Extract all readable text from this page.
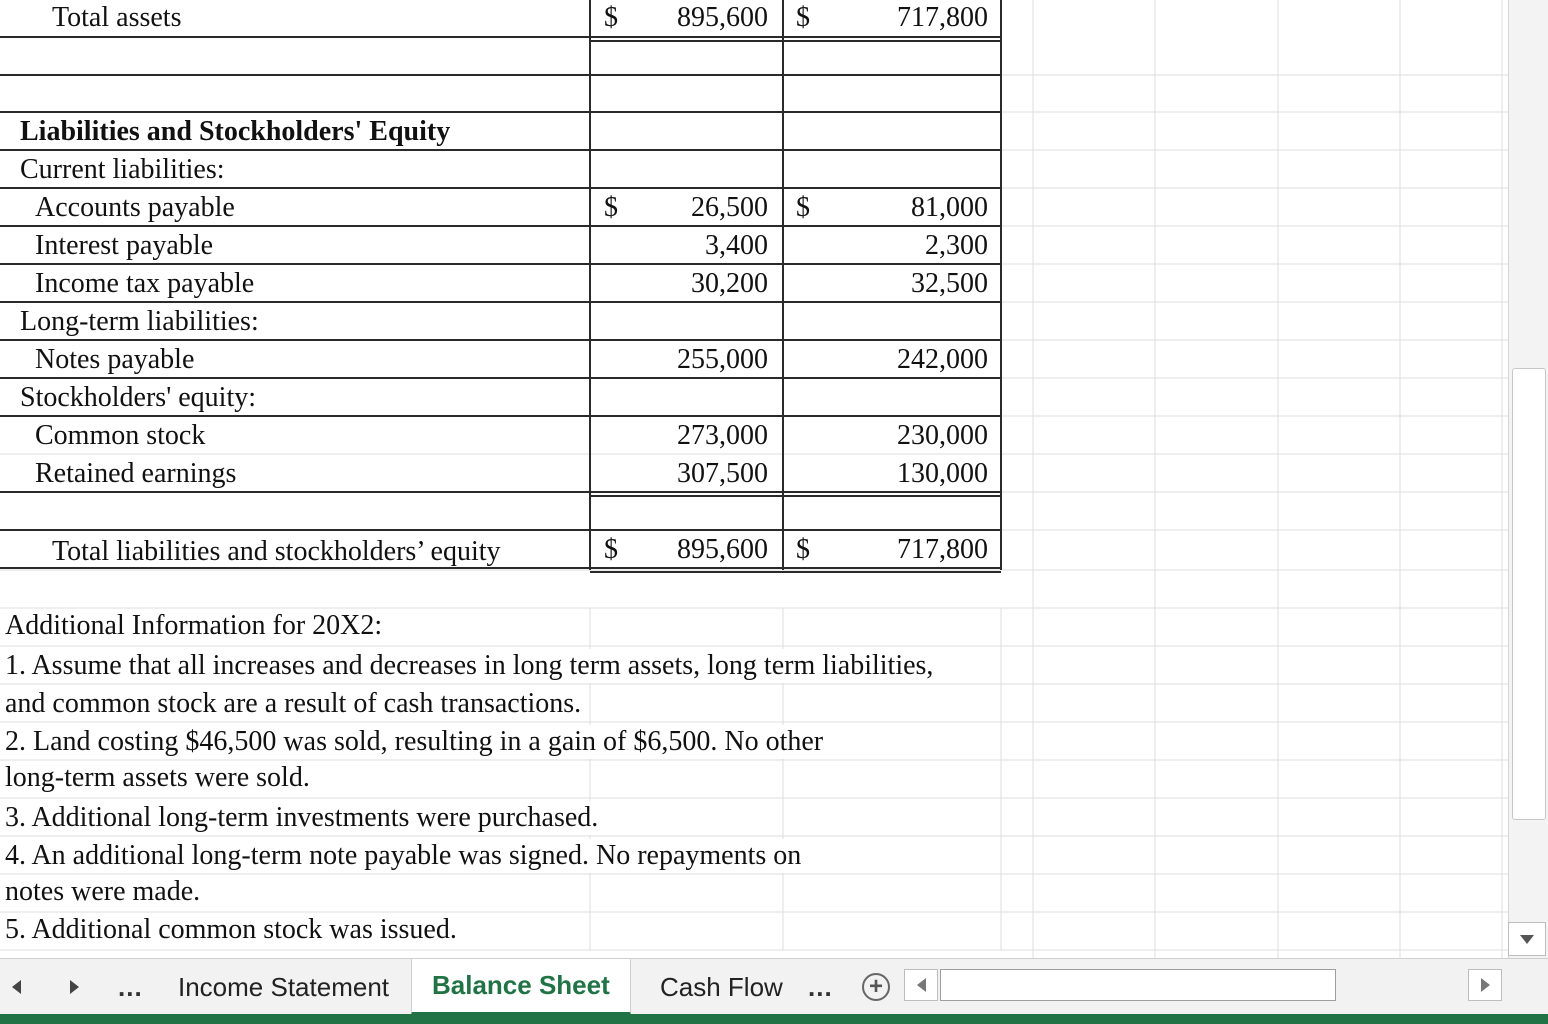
Total assets	$	895,600 $	717,800
Liabilities and Stockholders' Equity
Current liabilities:
Accounts payable	$	26,500 $	81,000
Interest payable	3,400	2,300
Income tax payable	30,200	32,500
Long-term liabilities:
Notes payable	255,000	242,000
Stockholders' equity:
Common stock	273,000	230,000
Retained earnings	307,500	130,000
Total liabilities and stockholders’ equity	$	895,600 $	717,800
Additional Information for 20X2:
1. Assume that all increases and decreases in long term assets, long term liabilities,
and common stock are a result of cash transactions.
2. Land costing $46,500 was sold, resulting in a gain of $6,500. No other
long-term assets were sold.
3. Additional long-term investments were purchased.
4. An additional long-term note payable was signed. No repayments on
notes were made.
5. Additional common stock was issued.
...	Income Statement	Balance Sheet	Cash Flow ... +
